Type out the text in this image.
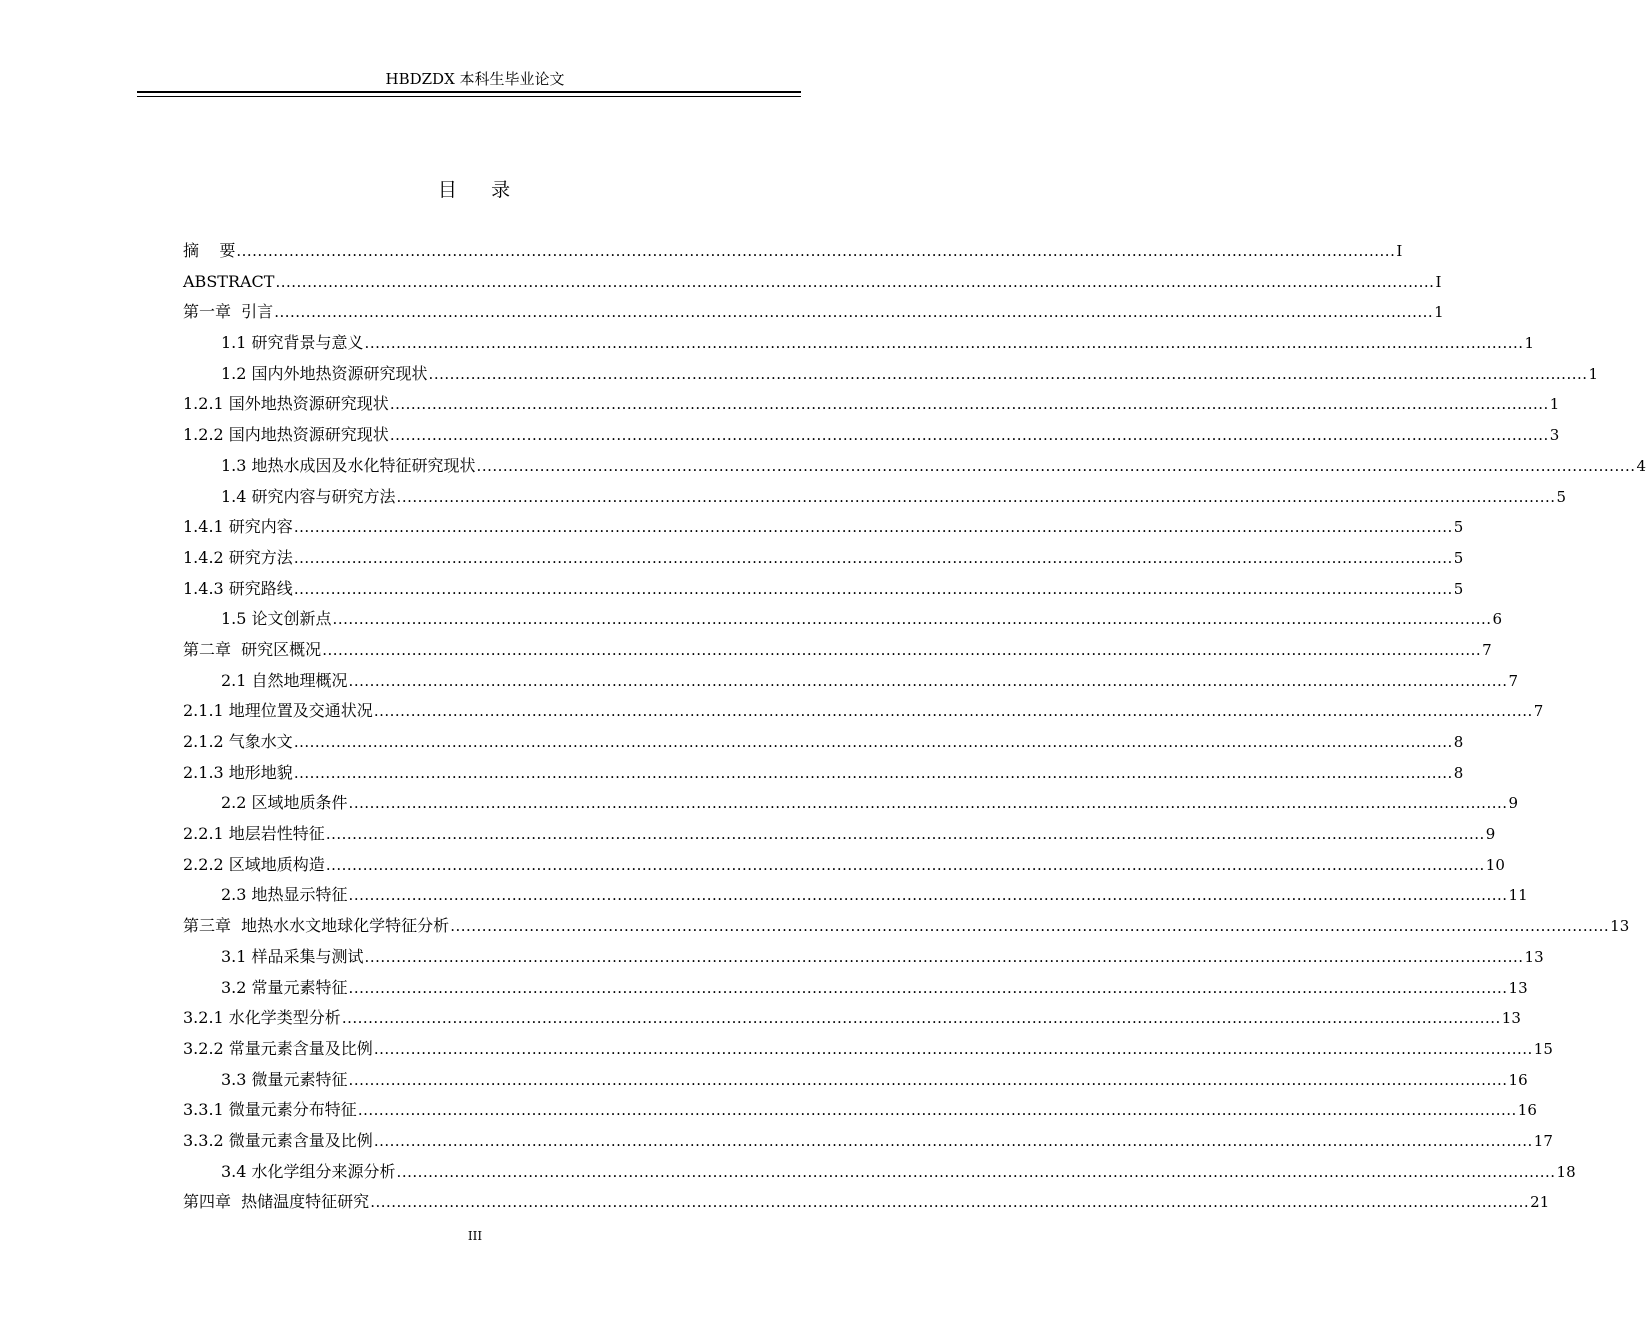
HBDZDX 本科生毕业论文
目    录
摘    要 ............................................................................................................................................................................................................................ I
ABSTRACT ............................................................................................................................................................................................................................ I
第一章  引言 ............................................................................................................................................................................................................................ 1
1.1 研究背景与意义 ............................................................................................................................................................................................................................ 1
1.2 国内外地热资源研究现状 ............................................................................................................................................................................................................................ 1
1.2.1 国外地热资源研究现状 ............................................................................................................................................................................................................................ 1
1.2.2 国内地热资源研究现状 ............................................................................................................................................................................................................................ 3
1.3 地热水成因及水化特征研究现状 ............................................................................................................................................................................................................................ 4
1.4 研究内容与研究方法 ............................................................................................................................................................................................................................ 5
1.4.1 研究内容 ............................................................................................................................................................................................................................ 5
1.4.2 研究方法 ............................................................................................................................................................................................................................ 5
1.4.3 研究路线 ............................................................................................................................................................................................................................ 5
1.5 论文创新点 ............................................................................................................................................................................................................................ 6
第二章  研究区概况 ............................................................................................................................................................................................................................ 7
2.1 自然地理概况 ............................................................................................................................................................................................................................ 7
2.1.1 地理位置及交通状况 ............................................................................................................................................................................................................................ 7
2.1.2 气象水文 ............................................................................................................................................................................................................................ 8
2.1.3 地形地貌 ............................................................................................................................................................................................................................ 8
2.2 区域地质条件 ............................................................................................................................................................................................................................ 9
2.2.1 地层岩性特征 ............................................................................................................................................................................................................................ 9
2.2.2 区域地质构造 ............................................................................................................................................................................................................................ 10
2.3 地热显示特征 ............................................................................................................................................................................................................................ 11
第三章  地热水水文地球化学特征分析 ............................................................................................................................................................................................................................ 13
3.1 样品采集与测试 ............................................................................................................................................................................................................................ 13
3.2 常量元素特征 ............................................................................................................................................................................................................................ 13
3.2.1 水化学类型分析 ............................................................................................................................................................................................................................ 13
3.2.2 常量元素含量及比例 ............................................................................................................................................................................................................................ 15
3.3 微量元素特征 ............................................................................................................................................................................................................................ 16
3.3.1 微量元素分布特征 ............................................................................................................................................................................................................................ 16
3.3.2 微量元素含量及比例 ............................................................................................................................................................................................................................ 17
3.4 水化学组分来源分析 ............................................................................................................................................................................................................................ 18
第四章  热储温度特征研究 ............................................................................................................................................................................................................................ 21
III
